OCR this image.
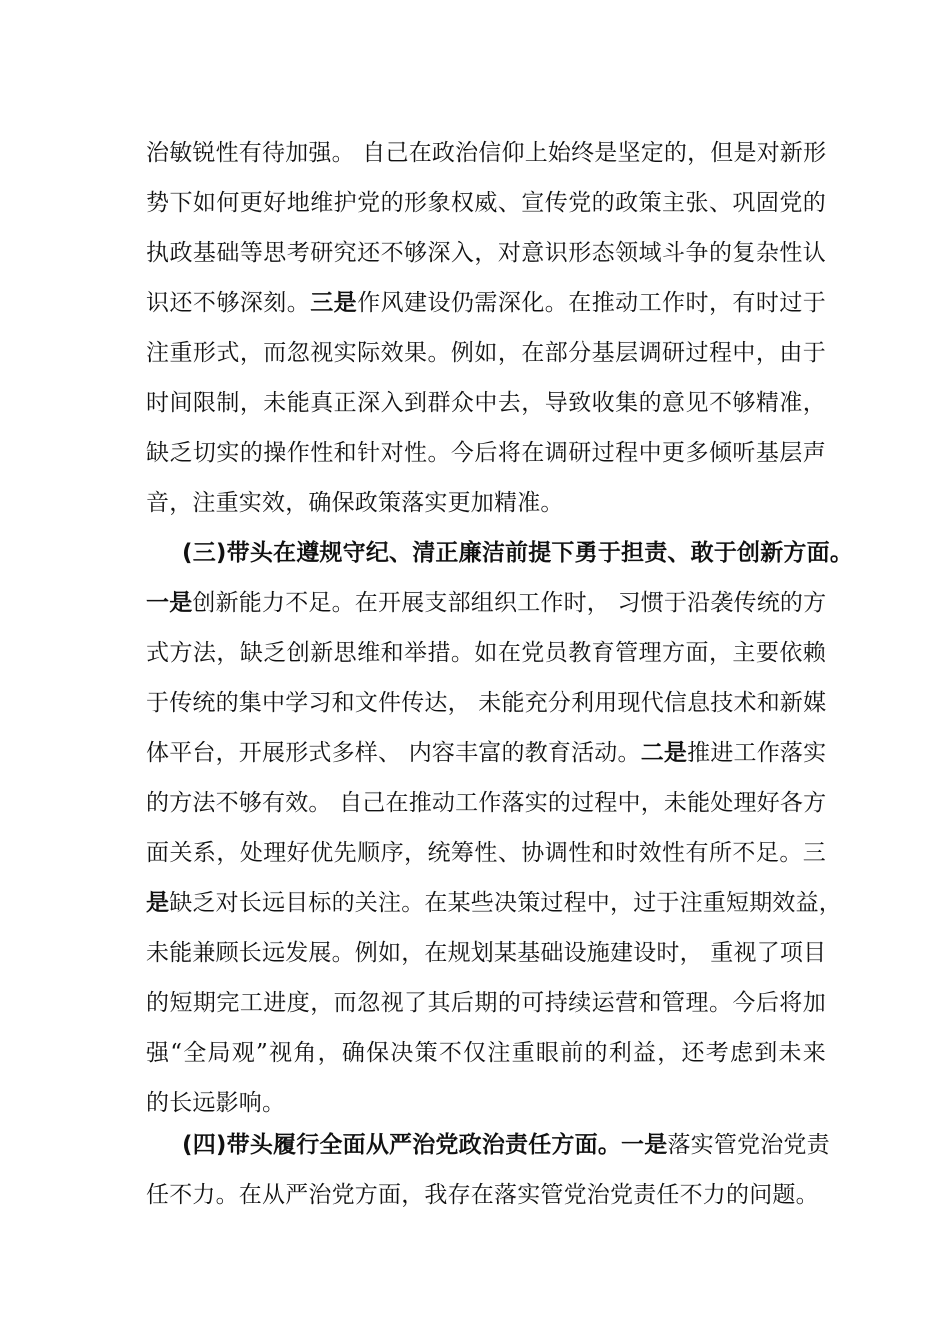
治敏锐性有待加强。 自己在政治信仰上始终是坚定的，但是对新形
势下如何更好地维护党的形象权威、宣传党的政策主张、巩固党的
执政基础等思考研究还不够深入，对意识形态领域斗争的复杂性认
识还不够深刻。三是作风建设仍需深化。在推动工作时，有时过于
注重形式，而忽视实际效果。例如，在部分基层调研过程中，由于
时间限制，未能真正深入到群众中去，导致收集的意见不够精准，
缺乏切实的操作性和针对性。今后将在调研过程中更多倾听基层声
音，注重实效，确保政策落实更加精准。
(三)带头在遵规守纪、清正廉洁前提下勇于担责、敢于创新方面。
一是创新能力不足。在开展支部组织工作时， 习惯于沿袭传统的方
式方法，缺乏创新思维和举措。如在党员教育管理方面，主要依赖
于传统的集中学习和文件传达， 未能充分利用现代信息技术和新媒
体平台，开展形式多样、 内容丰富的教育活动。二是推进工作落实
的方法不够有效。 自己在推动工作落实的过程中，未能处理好各方
面关系，处理好优先顺序，统筹性、协调性和时效性有所不足。三
是缺乏对长远目标的关注。在某些决策过程中，过于注重短期效益，
未能兼顾长远发展。例如，在规划某基础设施建设时， 重视了项目
的短期完工进度，而忽视了其后期的可持续运营和管理。今后将加
强“全局观”视角，确保决策不仅注重眼前的利益，还考虑到未来
的长远影响。
(四)带头履行全面从严治党政治责任方面。一是落实管党治党责
任不力。在从严治党方面，我存在落实管党治党责任不力的问题。
